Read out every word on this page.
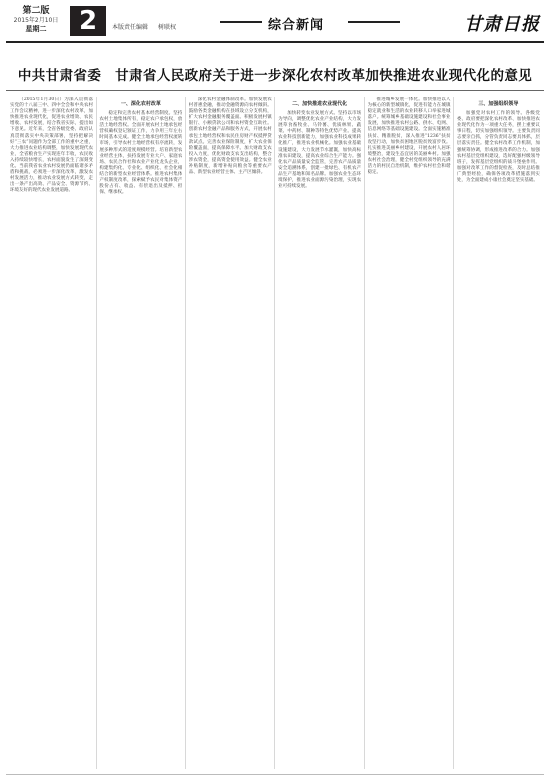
第二版
2015年2月10日
星期二	2	本版责任编辑 树联权	综合新闻	甘肃日报
中共甘肃省委　甘肃省人民政府关于进一步深化农村改革加快推进农业现代化的意见

（2015年1月30日）为深入贯彻落实党的十八届三中、四中全会和中央农村工作会议精神，进一步深化农村改革，加快推进农业现代化，促进农业增效、农民增收、农村发展，结合我省实际，提出如下意见。近年来，全省各级党委、政府认真贯彻落实中央决策部署，坚持把解决好“三农”问题作为全部工作的重中之重，大力推进农业结构调整，加快发展现代农业，全省粮食生产实现连年丰收，农民收入持续较快增长，农村面貌发生了深刻变化。当前我省农业农村发展仍面临诸多矛盾和挑战，必须进一步深化改革，激发农村发展活力，推动农业发展方式转变，走出一条产出高效、产品安全、资源节约、环境友好的现代农业发展道路。

一、深化农村改革

稳定和完善农村基本经营制度。坚持农村土地集体所有，稳定农户承包权，放活土地经营权。全面开展农村土地承包经营权确权登记颁证工作，力争用三年左右时间基本完成。健全土地承包经营权流转市场，引导农村土地经营权有序流转，发展多种形式的适度规模经营。培育新型农业经营主体，扶持发展专业大户、家庭农场、农民合作社和农业产业化龙头企业，构建集约化、专业化、组织化、社会化相结合的新型农业经营体系。推进农村集体产权制度改革，探索赋予农民对集体资产股份占有、收益、有偿退出及抵押、担保、继承权。

深化农村金融体制改革。加快发展农村普惠金融，推动金融资源向农村倾斜。鼓励各类金融机构在县域设立分支机构，扩大农村金融服务覆盖面。积极发展村镇银行、小额贷款公司和农村资金互助社。创新农村金融产品和服务方式，开展农村承包土地经营权和农民住房财产权抵押贷款试点。完善农业保险制度，扩大农业保险覆盖面，提高保障水平。加大财政支农投入力度，优化财政支农支出结构，整合涉农资金，提高资金使用效益。健全农业补贴制度，新增补贴向粮食等重要农产品、新型农业经营主体、主产区倾斜。

二、加快推进农业现代化

加快转变农业发展方式。坚持以市场为导向，调整优化农业产业结构，大力发展草食畜牧业、马铃薯、优质林果、蔬菜、中药材、制种等特色优势产业。提高农业科技创新能力，加强农业科技成果转化推广，推进农业机械化。加强农业基础设施建设，大力发展节水灌溉，加快高标准农田建设，提高农业综合生产能力。强化农产品质量安全监管，完善农产品质量安全追溯体系，创建一批绿色、有机农产品生产基地和知名品牌。加强农业生态环境保护，推进农业面源污染治理，实现农业可持续发展。

推进城乡发展一体化。加快推进以人为核心的新型城镇化，促进有能力在城镇稳定就业和生活的农业转移人口举家进城落户。统筹城乡基础设施建设和社会事业发展，加快推进农村公路、供水、电网、信息网络等基础设施建设。全面实施精准扶贫、精准脱贫，深入推进“1236”扶贫攻坚行动，加快贫困地区脱贫致富步伐。扎实推进美丽乡村建设，开展农村人居环境整治，建设生态宜居的美丽乡村。加强农村社会治理，健全村党组织领导的充满活力的村民自治机制，维护农村社会和谐稳定。

三、加强组织领导

加强党对农村工作的领导。各级党委、政府要把深化农村改革、加快推进农业现代化作为一项重大任务，摆上重要议事日程，切实加强组织领导。主要负责同志要亲自抓，分管负责同志要具体抓，层层落实责任。健全农村改革工作机制，加强统筹协调，形成推进改革的合力。加强农村基层党组织建设，选好配强村级领导班子，发挥基层党组织的战斗堡垒作用。加强对改革工作的督促检查，及时总结推广典型经验，确保各项改革措施落到实处，为全面建成小康社会奠定坚实基础。
